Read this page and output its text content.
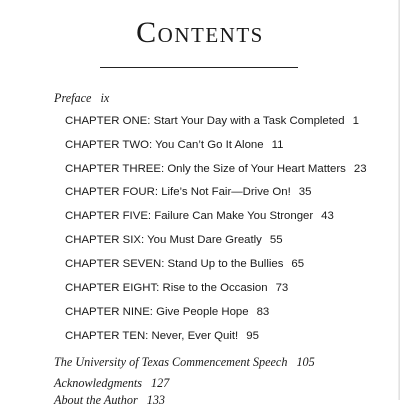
Contents
Preface ix
CHAPTER ONE: Start Your Day with a Task Completed 1
CHAPTER TWO: You Can’t Go It Alone 11
CHAPTER THREE: Only the Size of Your Heart Matters 23
CHAPTER FOUR: Life’s Not Fair—Drive On! 35
CHAPTER FIVE: Failure Can Make You Stronger 43
CHAPTER SIX: You Must Dare Greatly 55
CHAPTER SEVEN: Stand Up to the Bullies 65
CHAPTER EIGHT: Rise to the Occasion 73
CHAPTER NINE: Give People Hope 83
CHAPTER TEN: Never, Ever Quit! 95
The University of Texas Commencement Speech 105
Acknowledgments 127
About the Author 133
